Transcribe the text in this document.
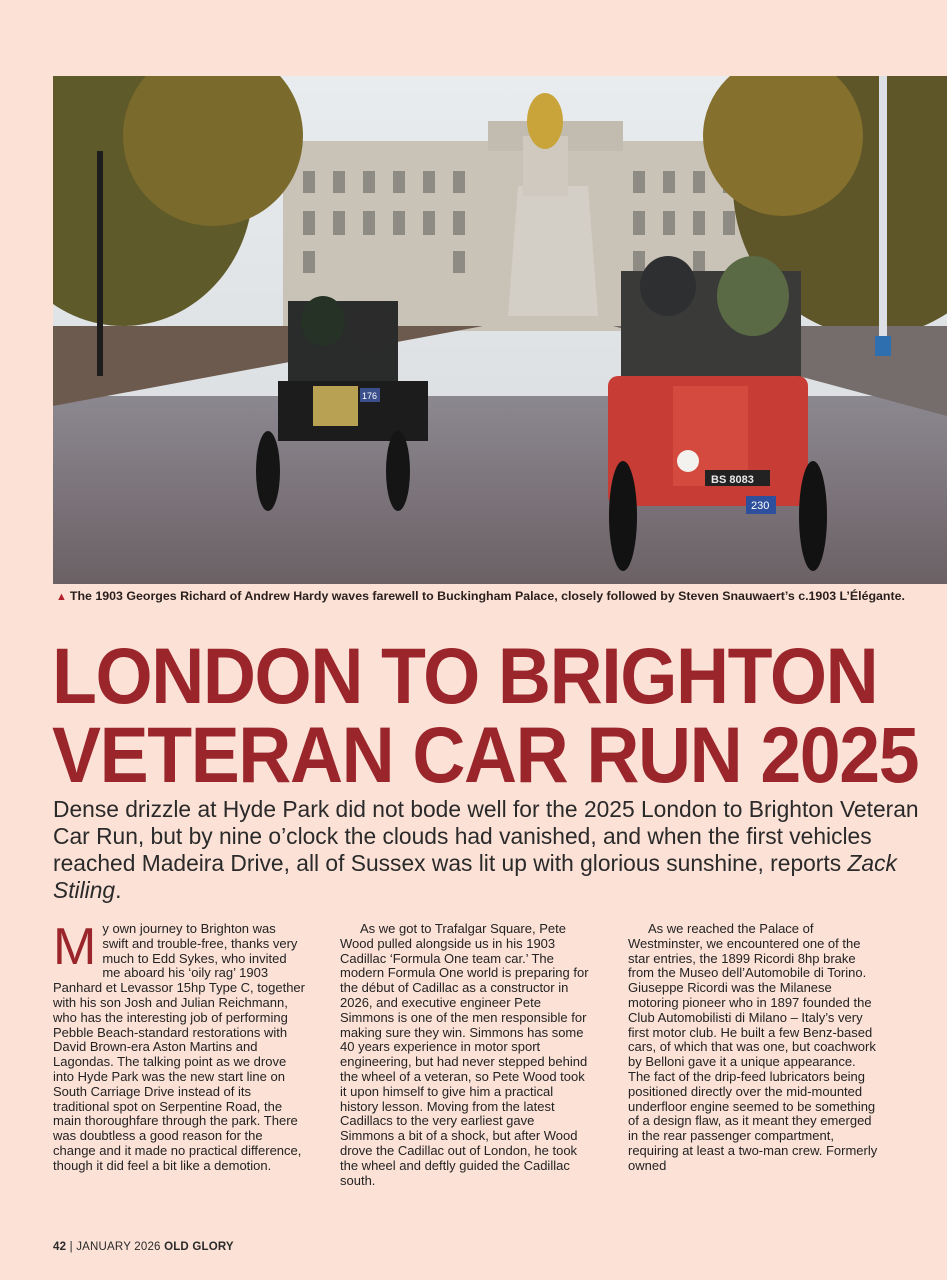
176
BS 8083
230
▲ The 1903 Georges Richard of Andrew Hardy waves farewell to Buckingham Palace, closely followed by Steven Snauwaert’s c.1903 L’Élégante.
LONDON TO BRIGHTON
VETERAN CAR RUN 2025

Dense drizzle at Hyde Park did not bode well for the 2025 London to Brighton Veteran Car Run, but by nine o’clock the clouds had vanished, and when the first vehicles reached Madeira Drive, all of Sussex was lit up with glorious sunshine, reports Zack Stiling.

My own journey to Brighton was swift and trouble-free, thanks very much to Edd Sykes, who invited me aboard his ‘oily rag’ 1903 Panhard et Levassor 15hp Type C, together with his son Josh and Julian Reichmann, who has the interesting job of performing Pebble Beach-standard restorations with David Brown-era Aston Martins and Lagondas. The talking point as we drove into Hyde Park was the new start line on South Carriage Drive instead of its traditional spot on Serpentine Road, the main thoroughfare through the park. There was doubtless a good reason for the change and it made no practical difference, though it did feel a bit like a demotion.

As we got to Trafalgar Square, Pete Wood pulled alongside us in his 1903 Cadillac ‘Formula One team car.’ The modern Formula One world is preparing for the début of Cadillac as a constructor in 2026, and executive engineer Pete Simmons is one of the men responsible for making sure they win. Simmons has some 40 years experience in motor sport engineering, but had never stepped behind the wheel of a veteran, so Pete Wood took it upon himself to give him a practical history lesson. Moving from the latest Cadillacs to the very earliest gave Simmons a bit of a shock, but after Wood drove the Cadillac out of London, he took the wheel and deftly guided the Cadillac south.

As we reached the Palace of Westminster, we encountered one of the star entries, the 1899 Ricordi 8hp brake from the Museo dell’Automobile di Torino. Giuseppe Ricordi was the Milanese motoring pioneer who in 1897 founded the Club Automobilisti di Milano – Italy’s very first motor club. He built a few Benz-based cars, of which that was one, but coachwork by Belloni gave it a unique appearance. The fact of the drip-feed lubricators being positioned directly over the mid-mounted underfloor engine seemed to be something of a design flaw, as it meant they emerged in the rear passenger compartment, requiring at least a two-man crew. Formerly owned

42 | JANUARY 2026 OLD GLORY
